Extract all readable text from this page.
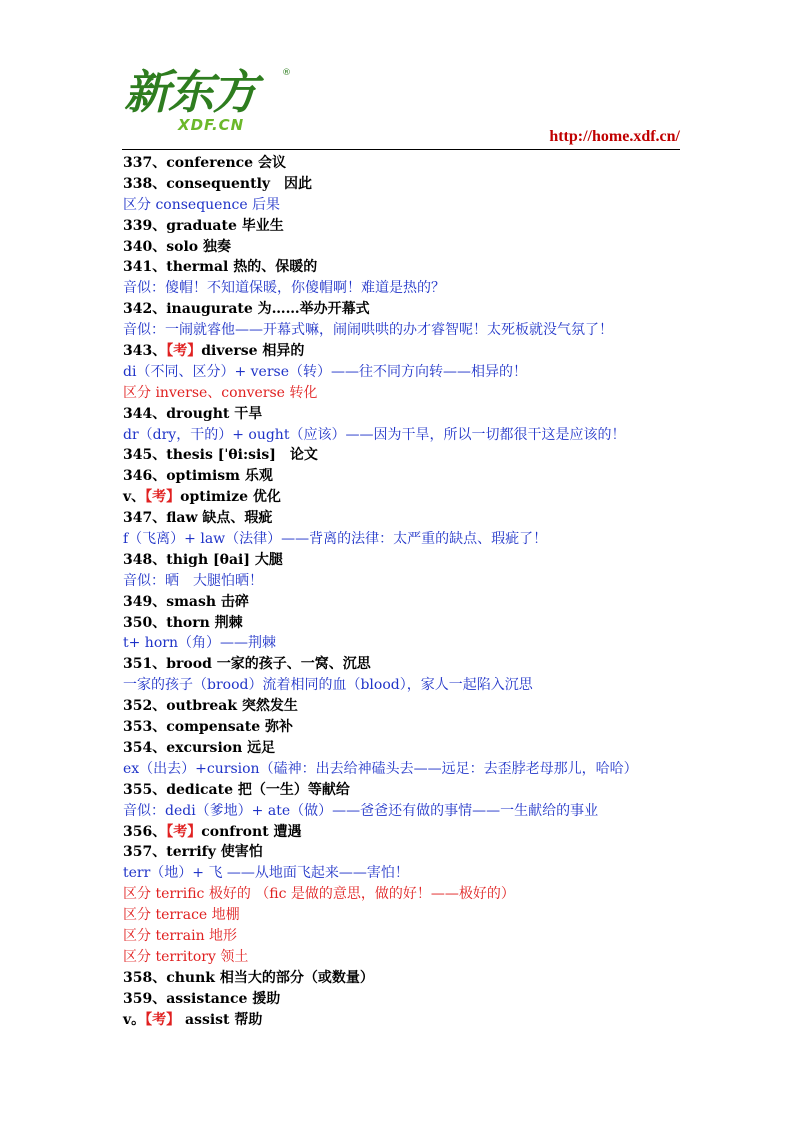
新东方	®
XDF.CN
http://home.xdf.cn/
337、conference 会议
338、consequently　因此
区分 consequence 后果
339、graduate 毕业生
340、solo 独奏
341、thermal 热的、保暖的
音似：傻帽！不知道保暖，你傻帽啊！难道是热的？
342、inaugurate 为……举办开幕式
音似：一闹就睿他——开幕式嘛，闹闹哄哄的办才睿智呢！太死板就没气氛了！
343、【考】diverse 相异的
di（不同、区分）+ verse（转）——往不同方向转——相异的！
区分 inverse、converse 转化
344、drought 干旱
dr（dry，干的）+ ought（应该）——因为干旱，所以一切都很干这是应该的！
345、thesis [ˈθi:sis]　论文
346、optimism 乐观
v、【考】optimize 优化
347、flaw 缺点、瑕疵
f（飞离）+ law（法律）——背离的法律：太严重的缺点、瑕疵了！
348、thigh [θai] 大腿
音似：晒　大腿怕晒！
349、smash 击碎
350、thorn 荆棘
t+ horn（角）——荆棘
351、brood 一家的孩子、一窝、沉思
一家的孩子（brood）流着相同的血（blood），家人一起陷入沉思
352、outbreak 突然发生
353、compensate 弥补
354、excursion 远足
ex（出去）+cursion（磕神：出去给神磕头去——远足：去歪脖老母那儿，哈哈）
355、dedicate 把（一生）等献给
音似：dedi（爹地）+ ate（做）——爸爸还有做的事情——一生献给的事业
356、【考】confront 遭遇
357、terrify 使害怕
terr（地）+ 飞 ——从地面飞起来——害怕！
区分 terrific 极好的 （fic 是做的意思，做的好！——极好的）
区分 terrace 地棚
区分 terrain 地形
区分 territory 领土
358、chunk 相当大的部分（或数量）
359、assistance 援助
v。【考】 assist 帮助
